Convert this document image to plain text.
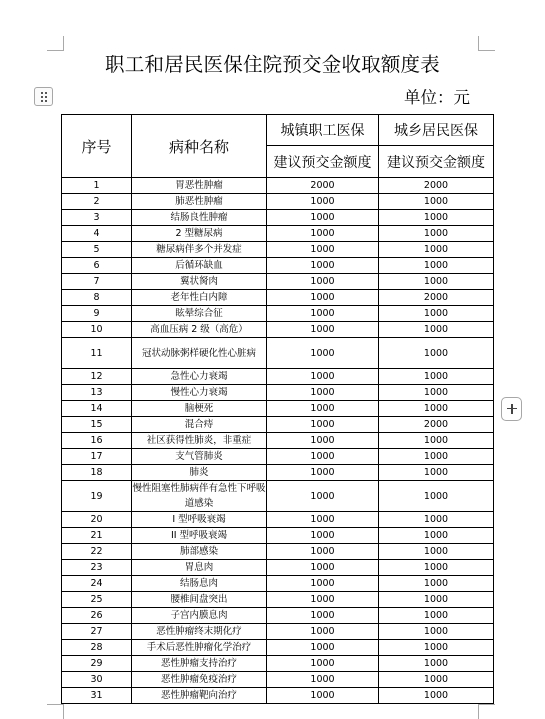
职工和居民医保住院预交金收取额度表
单位：元
序号	病种名称	城镇职工医保	城乡居民医保
		建议预交金额度	建议预交金额度
1	胃恶性肿瘤	2000	2000
2	肺恶性肿瘤	1000	1000
3	结肠良性肿瘤	1000	1000
4	2 型糖尿病	1000	1000
5	糖尿病伴多个并发症	1000	1000
6	后循环缺血	1000	1000
7	翼状胬肉	1000	1000
8	老年性白内障	1000	2000
9	眩晕综合征	1000	1000
10	高血压病 2 级（高危）	1000	1000
11	冠状动脉粥样硬化性心脏病	1000	1000
12	急性心力衰竭	1000	1000
13	慢性心力衰竭	1000	1000
14	脑梗死	1000	1000
15	混合痔	1000	2000
16	社区获得性肺炎，非重症	1000	1000
17	支气管肺炎	1000	1000
18	肺炎	1000	1000
19	慢性阻塞性肺病伴有急性下呼吸道感染	1000	1000
20	I 型呼吸衰竭	1000	1000
21	II 型呼吸衰竭	1000	1000
22	肺部感染	1000	1000
23	胃息肉	1000	1000
24	结肠息肉	1000	1000
25	腰椎间盘突出	1000	1000
26	子宫内膜息肉	1000	1000
27	恶性肿瘤终末期化疗	1000	1000
28	手术后恶性肿瘤化学治疗	1000	1000
29	恶性肿瘤支持治疗	1000	1000
30	恶性肿瘤免疫治疗	1000	1000
31	恶性肿瘤靶向治疗	1000	1000
